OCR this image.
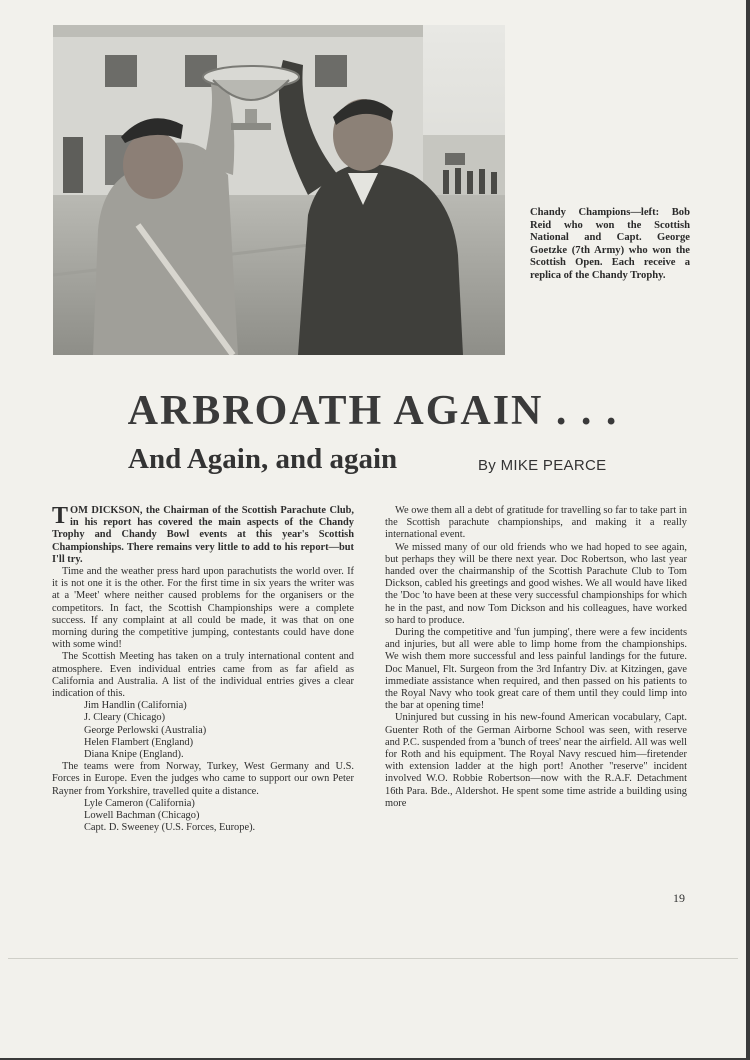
Chandy Champions—left: Bob Reid who won the Scottish National and Capt. George Goetzke (7th Army) who won the Scottish Open. Each receive a replica of the Chandy Trophy.
ARBROATH AGAIN . . .
And Again, and again	By MIKE PEARCE

TOM DICKSON, the Chairman of the Scottish Parachute Club, in his report has covered the main aspects of the Chandy Trophy and Chandy Bowl events at this year's Scottish Championships. There remains very little to add to his report—but I'll try.

Time and the weather press hard upon parachutists the world over. If it is not one it is the other. For the first time in six years the writer was at a 'Meet' where neither caused problems for the organisers or the competitors. In fact, the Scottish Championships were a complete success. If any complaint at all could be made, it was that on one morning during the competitive jumping, contestants could have done with some wind!

The Scottish Meeting has taken on a truly international content and atmosphere. Even individual entries came from as far afield as California and Australia. A list of the individual entries gives a clear indication of this.

Jim Handlin (California)
J. Cleary (Chicago)
George Perlowski (Australia)
Helen Flambert (England)
Diana Knipe (England).

The teams were from Norway, Turkey, West Germany and U.S. Forces in Europe. Even the judges who came to support our own Peter Rayner from Yorkshire, travelled quite a distance.

Lyle Cameron (California)
Lowell Bachman (Chicago)
Capt. D. Sweeney (U.S. Forces, Europe).

We owe them all a debt of gratitude for travelling so far to take part in the Scottish parachute championships, and making it a really international event.

We missed many of our old friends who we had hoped to see again, but perhaps they will be there next year. Doc Robertson, who last year handed over the chairmanship of the Scottish Parachute Club to Tom Dickson, cabled his greetings and good wishes. We all would have liked the 'Doc 'to have been at these very successful championships for which he in the past, and now Tom Dickson and his colleagues, have worked so hard to produce.

During the competitive and 'fun jumping', there were a few incidents and injuries, but all were able to limp home from the championships. We wish them more successful and less painful landings for the future. Doc Manuel, Flt. Surgeon from the 3rd Infantry Div. at Kitzingen, gave immediate assistance when required, and then passed on his patients to the Royal Navy who took great care of them until they could limp into the bar at opening time!

Uninjured but cussing in his new-found American vocabulary, Capt. Guenter Roth of the German Airborne School was seen, with reserve and P.C. suspended from a 'bunch of trees' near the airfield. All was well for Roth and his equipment. The Royal Navy rescued him—firetender with extension ladder at the high port! Another "reserve" incident involved W.O. Robbie Robertson—now with the R.A.F. Detachment 16th Para. Bde., Aldershot. He spent some time astride a building using more

19
